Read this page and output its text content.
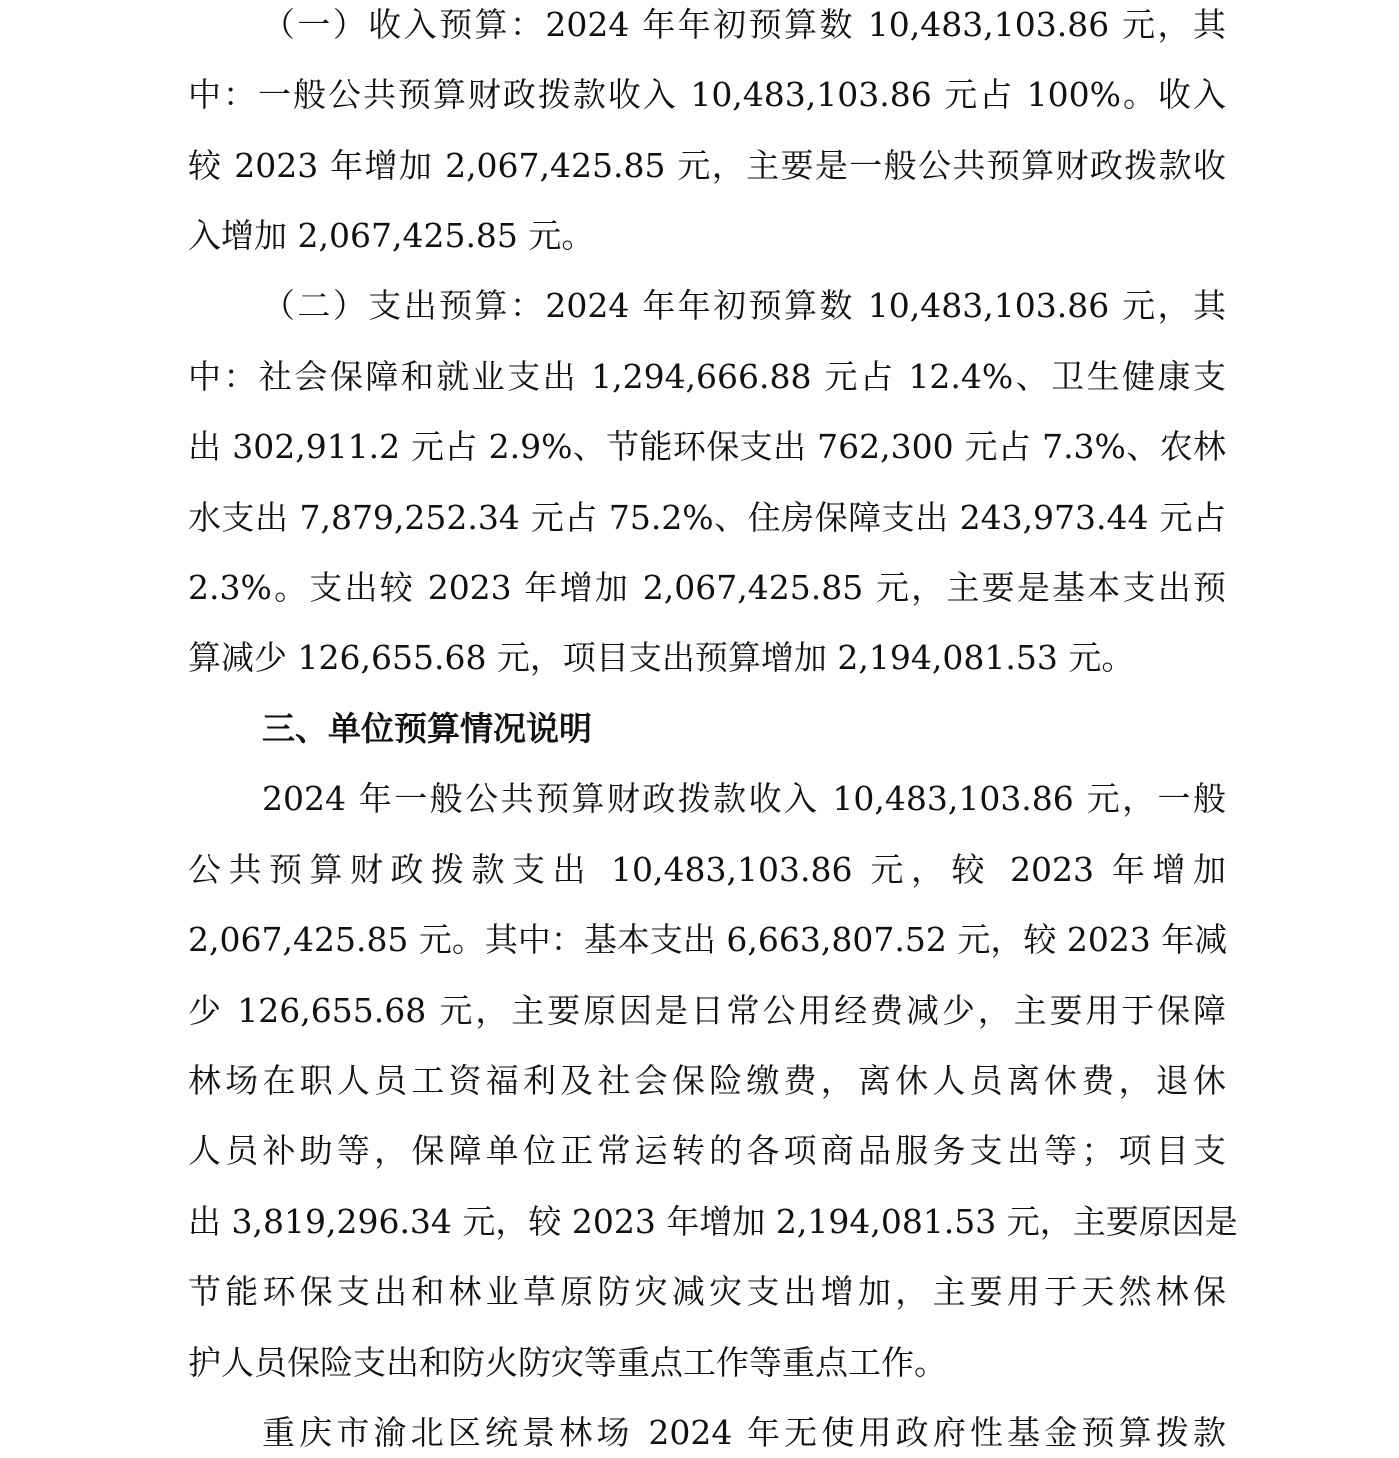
（一）收入预算：2024 年年初预算数 10,483,103.86 元，其
中：一般公共预算财政拨款收入 10,483,103.86 元占 100%。收入
较 2023 年增加 2,067,425.85 元，主要是一般公共预算财政拨款收
入增加 2,067,425.85 元。
（二）支出预算：2024 年年初预算数 10,483,103.86 元，其
中：社会保障和就业支出 1,294,666.88 元占 12.4%、卫生健康支
出 302,911.2 元占 2.9%、节能环保支出 762,300 元占 7.3%、农林
水支出 7,879,252.34 元占 75.2%、住房保障支出 243,973.44 元占
2.3%。支出较 2023 年增加 2,067,425.85 元，主要是基本支出预
算减少 126,655.68 元，项目支出预算增加 2,194,081.53 元。
三、单位预算情况说明
2024 年一般公共预算财政拨款收入 10,483,103.86 元，一般
公共预算财政拨款支出 10,483,103.86 元，较 2023 年增加
2,067,425.85 元。其中：基本支出 6,663,807.52 元，较 2023 年减
少 126,655.68 元，主要原因是日常公用经费减少，主要用于保障
林场在职人员工资福利及社会保险缴费，离休人员离休费，退休
人员补助等，保障单位正常运转的各项商品服务支出等；项目支
出 3,819,296.34 元，较 2023 年增加 2,194,081.53 元，主要原因是
节能环保支出和林业草原防灾减灾支出增加，主要用于天然林保
护人员保险支出和防火防灾等重点工作等重点工作。
重庆市渝北区统景林场 2024 年无使用政府性基金预算拨款
